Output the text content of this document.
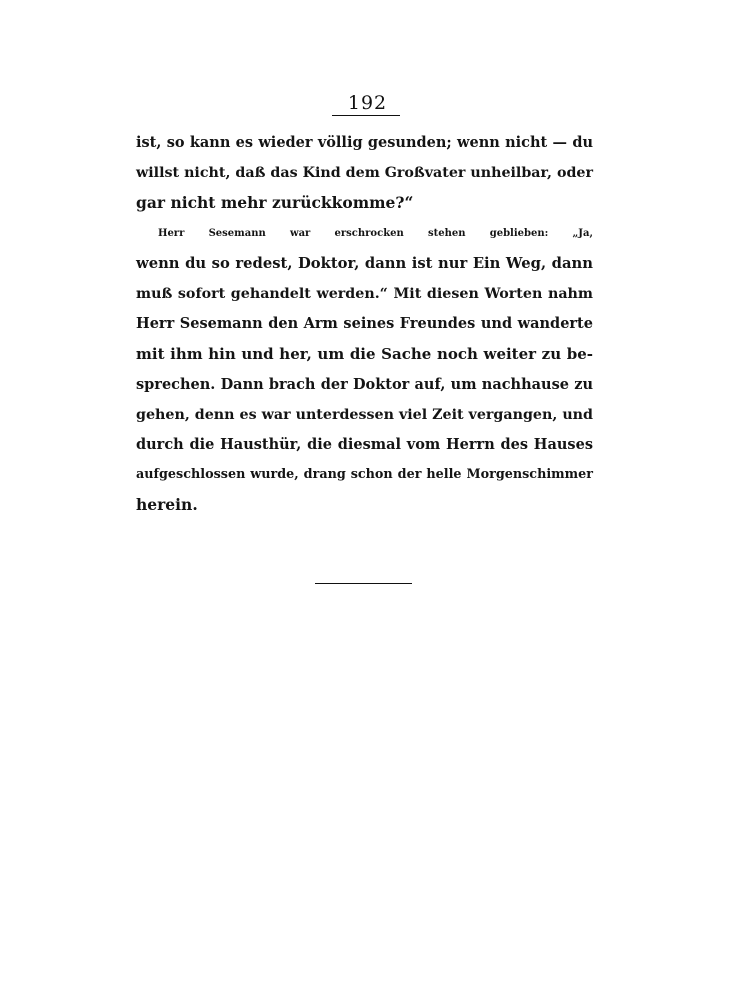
192
ist, so kann es wieder völlig gesunden; wenn nicht — du
willst nicht, daß das Kind dem Großvater unheilbar, oder
gar nicht mehr zurückkomme?“
Herr Sesemann war erschrocken stehen geblieben: „Ja,
wenn du so redest, Doktor, dann ist nur Ein Weg, dann
muß sofort gehandelt werden.“ Mit diesen Worten nahm
Herr Sesemann den Arm seines Freundes und wanderte
mit ihm hin und her, um die Sache noch weiter zu be-
sprechen. Dann brach der Doktor auf, um nachhause zu
gehen, denn es war unterdessen viel Zeit vergangen, und
durch die Hausthür, die diesmal vom Herrn des Hauses
aufgeschlossen wurde, drang schon der helle Morgenschimmer
herein.
